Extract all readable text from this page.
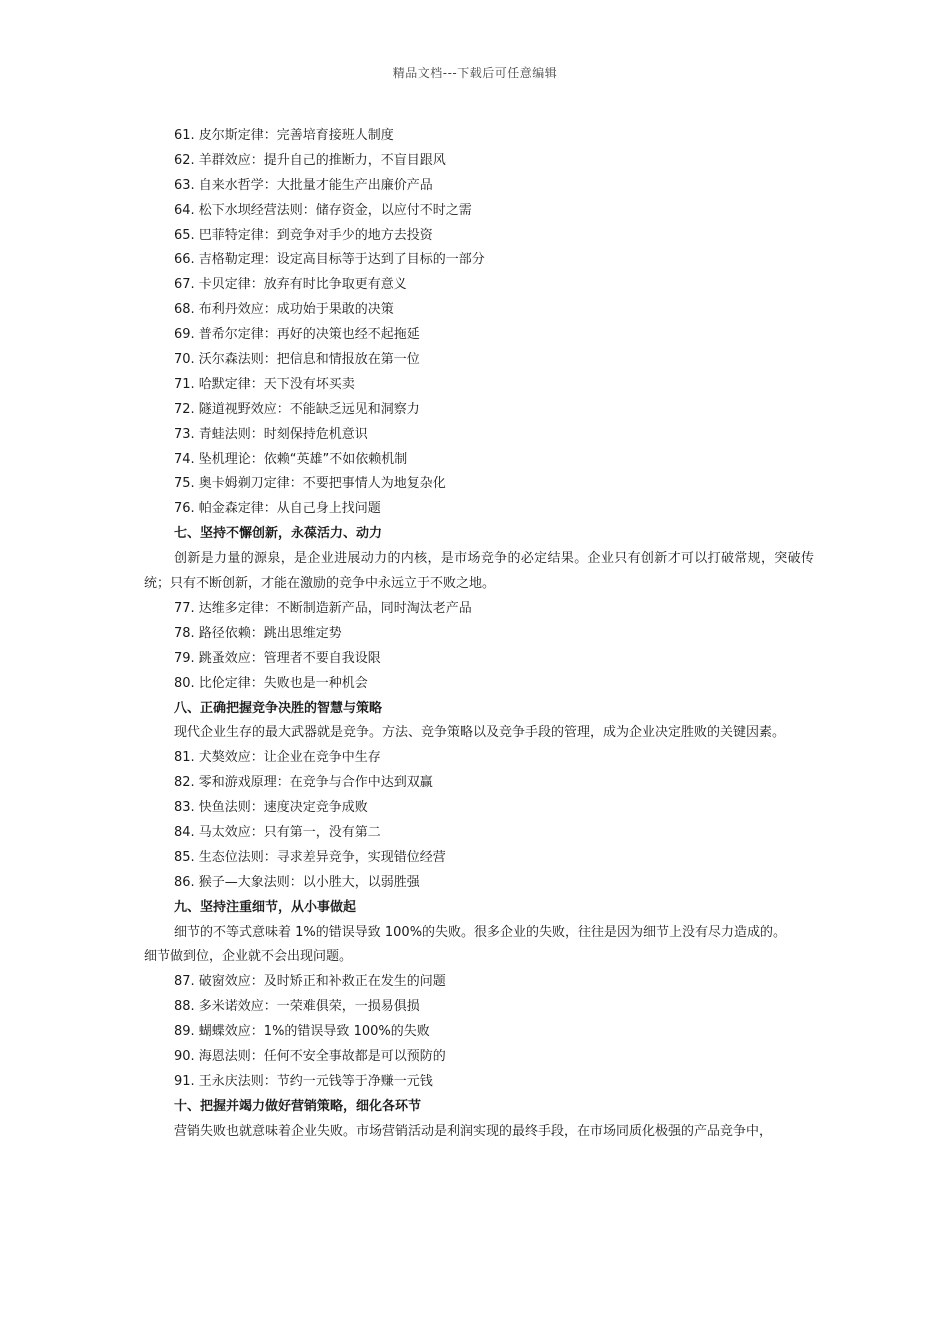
精品文档---下载后可任意编辑
61. 皮尔斯定律：完善培育接班人制度
62. 羊群效应：提升自己的推断力，不盲目跟风
63. 自来水哲学：大批量才能生产出廉价产品
64. 松下水坝经营法则：储存资金，以应付不时之需
65. 巴菲特定律：到竞争对手少的地方去投资
66. 吉格勒定理：设定高目标等于达到了目标的一部分
67. 卡贝定律：放弃有时比争取更有意义
68. 布利丹效应：成功始于果敢的决策
69. 普希尔定律：再好的决策也经不起拖延
70. 沃尔森法则：把信息和情报放在第一位
71. 哈默定律：天下没有坏买卖
72. 隧道视野效应：不能缺乏远见和洞察力
73. 青蛙法则：时刻保持危机意识
74. 坠机理论：依赖“英雄”不如依赖机制
75. 奥卡姆剃刀定律：不要把事情人为地复杂化
76. 帕金森定律：从自己身上找问题
七、坚持不懈创新，永葆活力、动力
创新是力量的源泉，是企业进展动力的内核，是市场竞争的必定结果。企业只有创新才可以打破常规，突破传统；只有不断创新，才能在激励的竞争中永远立于不败之地。
77. 达维多定律：不断制造新产品，同时淘汰老产品
78. 路径依赖：跳出思维定势
79. 跳蚤效应：管理者不要自我设限
80. 比伦定律：失败也是一种机会
八、正确把握竞争决胜的智慧与策略
现代企业生存的最大武器就是竞争。方法、竞争策略以及竞争手段的管理，成为企业决定胜败的关键因素。
81. 犬獒效应：让企业在竞争中生存
82. 零和游戏原理：在竞争与合作中达到双赢
83. 快鱼法则：速度决定竞争成败
84. 马太效应：只有第一，没有第二
85. 生态位法则：寻求差异竞争，实现错位经营
86. 猴子—大象法则：以小胜大，以弱胜强
九、坚持注重细节，从小事做起
细节的不等式意味着 1%的错误导致 100%的失败。很多企业的失败，往往是因为细节上没有尽力造成的。
细节做到位，企业就不会出现问题。
87. 破窗效应：及时矫正和补救正在发生的问题
88. 多米诺效应：一荣难俱荣，一损易俱损
89. 蝴蝶效应：1%的错误导致 100%的失败
90. 海恩法则：任何不安全事故都是可以预防的
91. 王永庆法则：节约一元钱等于净赚一元钱
十、把握并竭力做好营销策略，细化各环节
营销失败也就意味着企业失败。市场营销活动是利润实现的最终手段，在市场同质化极强的产品竞争中，
